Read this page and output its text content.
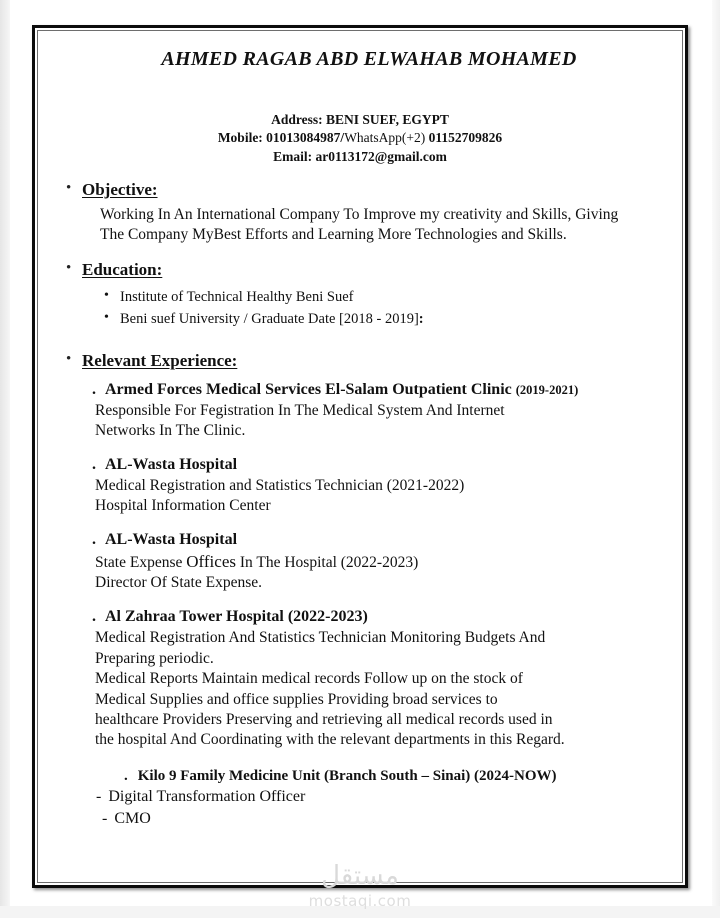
AHMED RAGAB ABD ELWAHAB MOHAMED
Address: BENI SUEF, EGYPT
Mobile: 01013084987/WhatsApp(+2) 01152709826
Email: ar0113172@gmail.com
• Objective:

Working In An International Company To Improve my creativity and Skills, Giving

The Company MyBest Efforts and Learning More Technologies and Skills.

• Education:
• Institute of Technical Healthy Beni Suef
• Beni suef University / Graduate Date [2018 - 2019]:
• Relevant Experience:
. Armed Forces Medical Services El-Salam Outpatient Clinic (2019-2021)
Responsible For Fegistration In The Medical System And Internet
Networks In The Clinic.
. AL-Wasta Hospital
Medical Registration and Statistics Technician (2021-2022)
Hospital Information Center
. AL-Wasta Hospital
State Expense Offices In The Hospital (2022-2023)
Director Of State Expense.
. Al Zahraa Tower Hospital (2022-2023)
Medical Registration And Statistics Technician Monitoring Budgets And
Preparing periodic.
Medical Reports Maintain medical records Follow up on the stock of
Medical Supplies and office supplies Providing broad services to
healthcare Providers Preserving and retrieving all medical records used in
the hospital And Coordinating with the relevant departments in this Regard.
. Kilo 9 Family Medicine Unit (Branch South – Sinai) (2024-NOW)
- Digital Transformation Officer
- CMO
مستقل
mostaqi.com
